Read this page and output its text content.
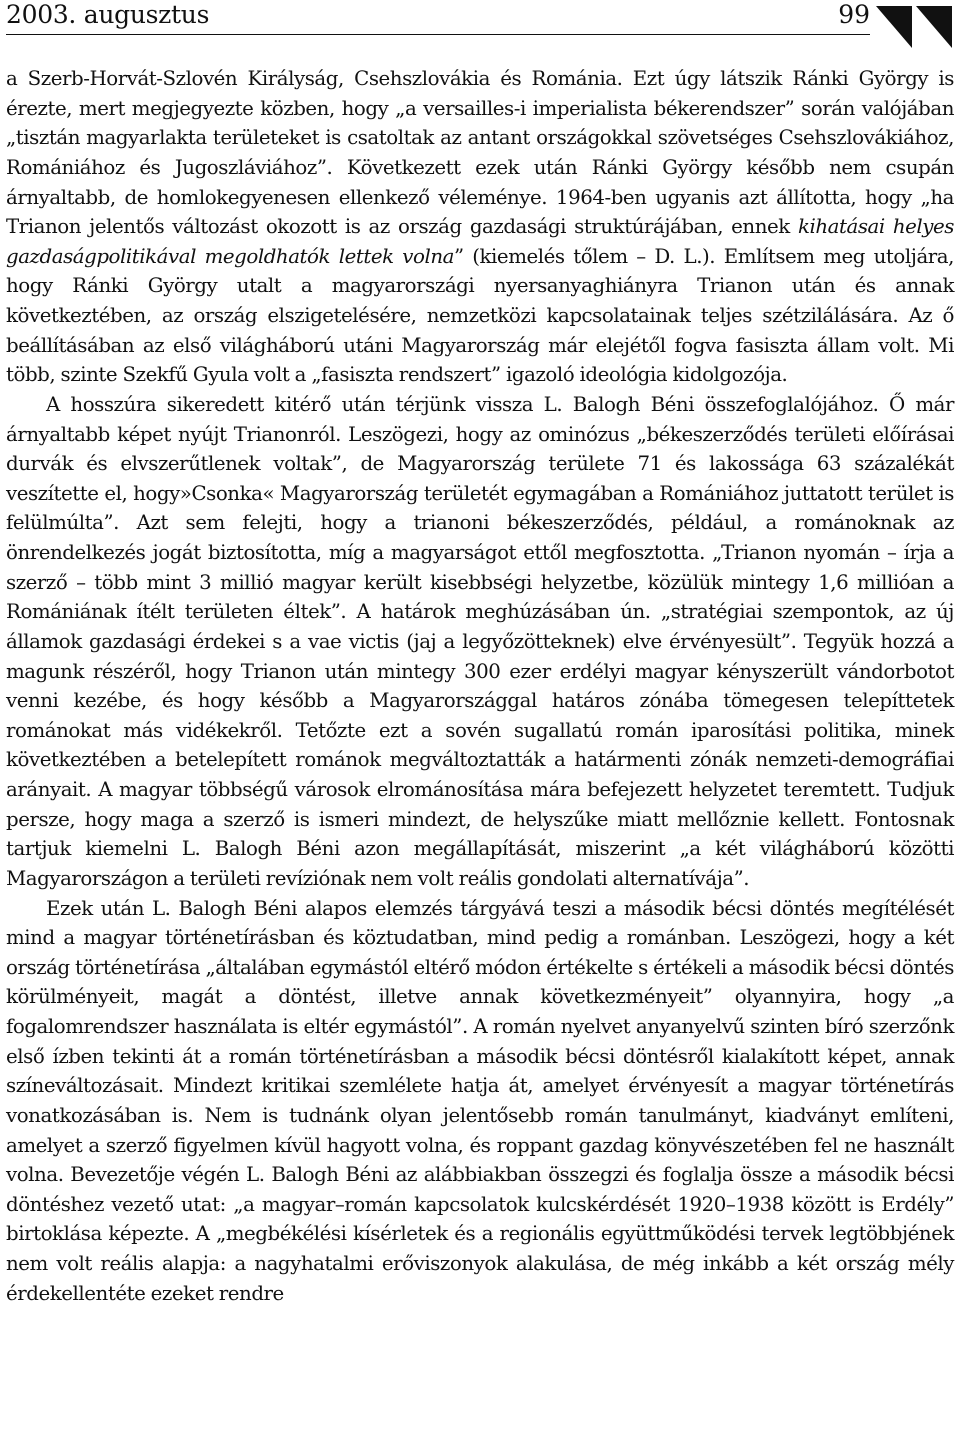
2003. augusztus	99

a Szerb-Horvát-Szlovén Királyság, Csehszlovákia és Románia. Ezt úgy látszik Ránki György is érezte, mert megjegyezte közben, hogy „a versailles-i imperialista békerendszer” során valójában „tisztán magyarlakta területeket is csatoltak az antant országokkal szövetséges Csehszlovákiához, Romániához és Jugoszláviához”. Következett ezek után Ránki György később nem csupán árnyaltabb, de homlokegyenesen ellenkező véleménye. 1964-ben ugyanis azt állította, hogy „ha Trianon jelentős változást okozott is az ország gazdasági struktúrájában, ennek kihatásai helyes gazdaságpolitikával megoldhatók lettek volna” (kiemelés tőlem – D. L.). Említsem meg utoljára, hogy Ránki György utalt a magyarországi nyersanyaghiányra Trianon után és annak következtében, az ország elszigetelésére, nemzetközi kapcsolatainak teljes szétzilálására. Az ő beállításában az első világháború utáni Magyarország már elejétől fogva fasiszta állam volt. Mi több, szinte Szekfű Gyula volt a „fasiszta rendszert” igazoló ideológia kidolgozója.

A hosszúra sikeredett kitérő után térjünk vissza L. Balogh Béni összefoglalójához. Ő már árnyaltabb képet nyújt Trianonról. Leszögezi, hogy az ominózus „békeszerződés területi előírásai durvák és elvszerűtlenek voltak”, de Magyarország területe 71 és lakossága 63 százalékát veszítette el, hogy»Csonka« Magyarország területét egymagában a Romániához juttatott terület is felülmúlta”. Azt sem felejti, hogy a trianoni békeszerződés, például, a románoknak az önrendelkezés jogát biztosította, míg a magyarságot ettől megfosztotta. „Trianon nyomán – írja a szerző – több mint 3 millió magyar került kisebbségi helyzetbe, közülük mintegy 1,6 millióan a Romániának ítélt területen éltek”. A határok meghúzásában ún. „stratégiai szempontok, az új államok gazdasági érdekei s a vae victis (jaj a legyőzötteknek) elve érvényesült”. Tegyük hozzá a magunk részéről, hogy Trianon után mintegy 300 ezer erdélyi magyar kényszerült vándorbotot venni kezébe, és hogy később a Magyarországgal határos zónába tömegesen telepíttetek románokat más vidékekről. Tetőzte ezt a sovén sugallatú román iparosítási politika, minek következtében a betelepített románok megváltoztatták a határmenti zónák nemzeti-demográfiai arányait. A magyar többségű városok elrománosítása mára befejezett helyzetet teremtett. Tudjuk persze, hogy maga a szerző is ismeri mindezt, de helyszűke miatt mellőznie kellett. Fontosnak tartjuk kiemelni L. Balogh Béni azon megállapítását, miszerint „a két világháború közötti Magyarországon a területi revíziónak nem volt reális gondolati alternatívája”.

Ezek után L. Balogh Béni alapos elemzés tárgyává teszi a második bécsi döntés megítélését mind a magyar történetírásban és köztudatban, mind pedig a románban. Leszögezi, hogy a két ország történetírása „általában egymástól eltérő módon értékelte s értékeli a második bécsi döntés körülményeit, magát a döntést, illetve annak következményeit” olyannyira, hogy „a fogalomrendszer használata is eltér egymástól”. A román nyelvet anyanyelvű szinten bíró szerzőnk első ízben tekinti át a román történetírásban a második bécsi döntésről kialakított képet, annak színeváltozásait. Mindezt kritikai szemlélete hatja át, amelyet érvényesít a magyar történetírás vonatkozásában is. Nem is tudnánk olyan jelentősebb román tanulmányt, kiadványt említeni, amelyet a szerző figyelmen kívül hagyott volna, és roppant gazdag könyvészetében fel ne használt volna. Bevezetője végén L. Balogh Béni az alábbiakban összegzi és foglalja össze a második bécsi döntéshez vezető utat: „a magyar–román kapcsolatok kulcskérdését 1920–1938 között is Erdély” birtoklása képezte. A „megbékélési kísérletek és a regionális együttműködési tervek legtöbbjének nem volt reális alapja: a nagyhatalmi erőviszonyok alakulása, de még inkább a két ország mély érdekellentéte ezeket rendre
